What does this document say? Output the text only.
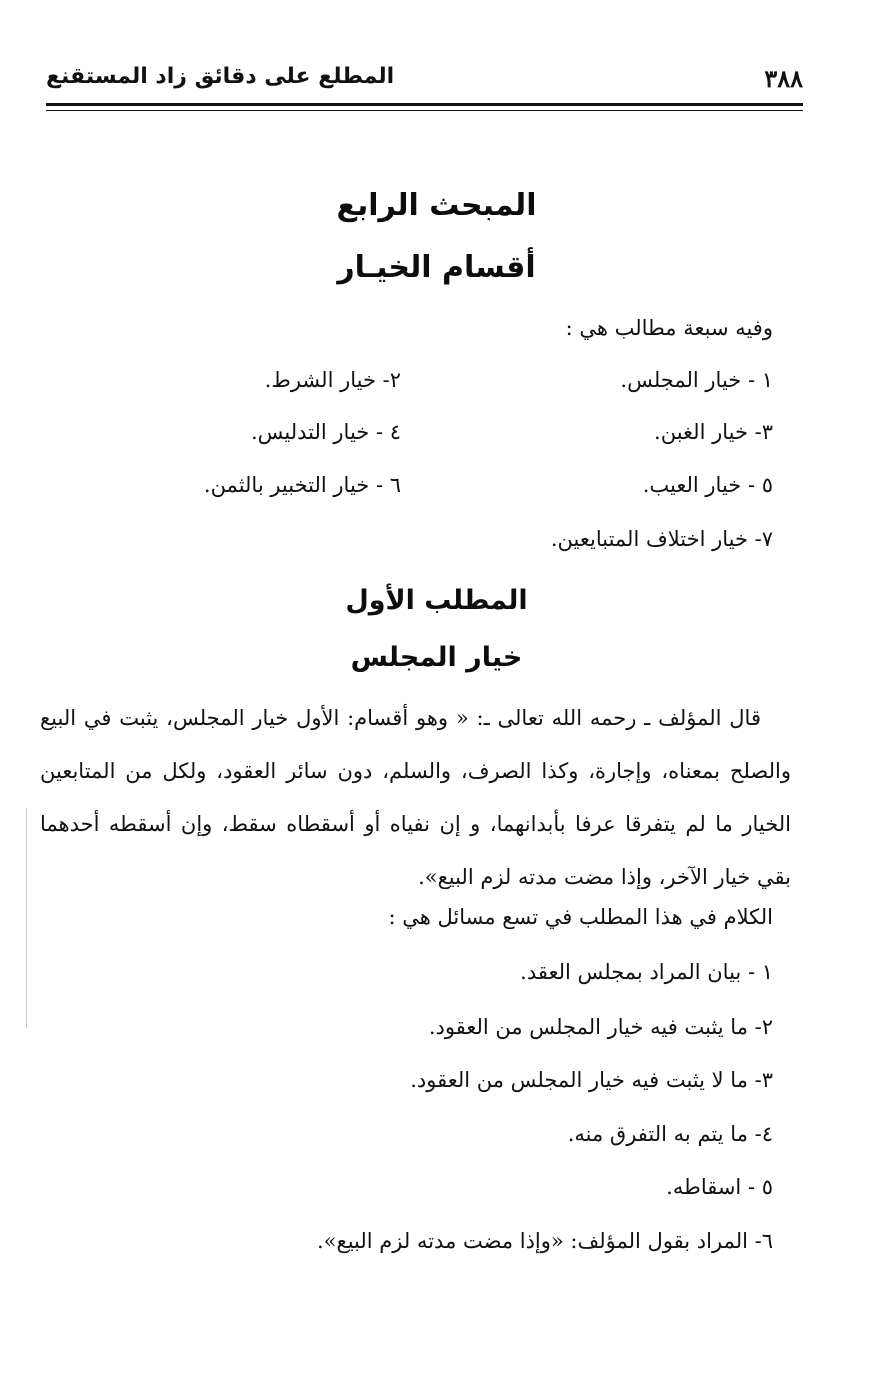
٣٨٨
المطلع على دقائق زاد المستقنع
المبحث الرابع
أقسام الخيـار
وفيه سبعة مطالب هي :
١ - خيار المجلس.
٢- خيار الشرط.
٣- خيار الغبن.
٤ - خيار التدليس.
٥ - خيار العيب.
٦ - خيار التخبير بالثمن.
٧- خيار اختلاف المتبايعين.
المطلب الأول
خيار المجلس
قال المؤلف ـ رحمه الله تعالى ـ: « وهو أقسام: الأول خيار المجلس، يثبت في البيع والصلح بمعناه، وإجارة، وكذا الصرف، والسلم، دون سائر العقود، ولكل من المتابعين الخيار ما لم يتفرقا عرفا بأبدانهما، و إن نفياه أو أسقطاه سقط، وإن أسقطه أحدهما بقي خيار الآخر، وإذا مضت مدته لزم البيع».
الكلام في هذا المطلب في تسع مسائل هي :
١ - بيان المراد بمجلس العقد.
٢- ما يثبت فيه خيار المجلس من العقود.
٣- ما لا يثبت فيه خيار المجلس من العقود.
٤- ما يتم به التفرق منه.
٥ - اسقاطه.
٦- المراد بقول المؤلف: «وإذا مضت مدته لزم البيع».
